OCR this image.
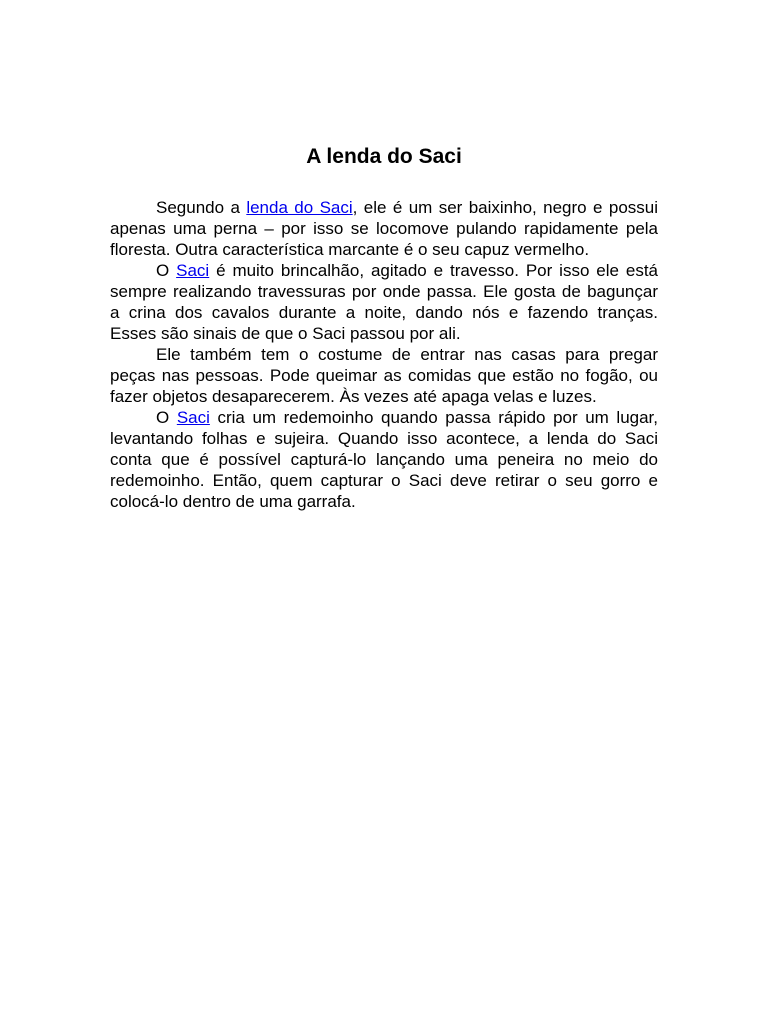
A lenda do Saci

Segundo a lenda do Saci, ele é um ser baixinho, negro e possui apenas uma perna – por isso se locomove pulando rapidamente pela floresta. Outra característica marcante é o seu capuz vermelho.

O Saci é muito brincalhão, agitado e travesso. Por isso ele está sempre realizando travessuras por onde passa. Ele gosta de bagunçar a crina dos cavalos durante a noite, dando nós e fazendo tranças. Esses são sinais de que o Saci passou por ali.

Ele também tem o costume de entrar nas casas para pregar peças nas pessoas. Pode queimar as comidas que estão no fogão, ou fazer objetos desaparecerem. Às vezes até apaga velas e luzes.

O Saci cria um redemoinho quando passa rápido por um lugar, levantando folhas e sujeira. Quando isso acontece, a lenda do Saci conta que é possível capturá-lo lançando uma peneira no meio do redemoinho. Então, quem capturar o Saci deve retirar o seu gorro e colocá-lo dentro de uma garrafa.
